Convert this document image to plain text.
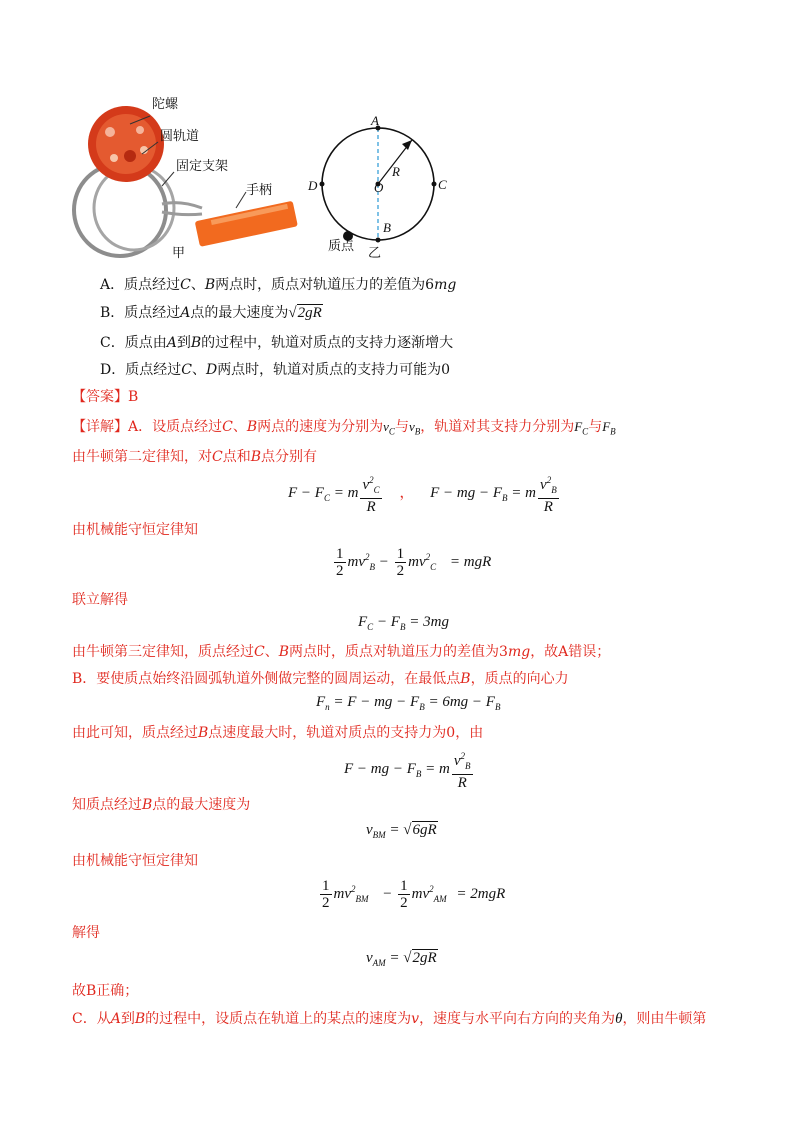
陀螺
圆轨道
固定支架
手柄
甲
A
B
C
D	O
R
质点 乙
A．质点经过C、B两点时，质点对轨道压力的差值为6mg
B．质点经过A点的最大速度为√2gR
C．质点由A到B的过程中，轨道对质点的支持力逐渐增大
D．质点经过C、D两点时，轨道对质点的支持力可能为0
【答案】B
【详解】A．设质点经过C、B两点的速度为分别为$v_C$与$v_B$，轨道对其支持力分别为$F_C$与$F_B$
由牛顿第二定律知，对C点和B点分别有
$F - F_C = m \frac{v^2_C}{R}$ ， F − mg − $F_B = m \frac{v^2_B}{R}$
由机械能守恒定律知
$\frac{1}{2} mv^2_B - \frac{1}{2} mv^2_C$ = mgR
联立解得
$F_C - F_B = 3mg$
由牛顿第三定律知，质点经过C、B两点时，质点对轨道压力的差值为3mg，故A错误；
B．要使质点始终沿圆弧轨道外侧做完整的圆周运动，在最低点B，质点的向心力
$F_n = F$ − mg − $F_B = 6mg - F_B$
由此可知，质点经过B点速度最大时，轨道对质点的支持力为0，由
F − mg − $F_B = m \frac{v^2_B}{R}$
知质点经过B点的最大速度为
$v_{BM} = √6gR$
由机械能守恒定律知
$\frac{1}{2} mv^2_{BM} - \frac{1}{2} mv^2_{AM} = 2mgR$
解得
$v_{AM} = √2gR$
故B正确；
C．从A到B的过程中，设质点在轨道上的某点的速度为v，速度与水平向右方向的夹角为θ，则由牛顿第
